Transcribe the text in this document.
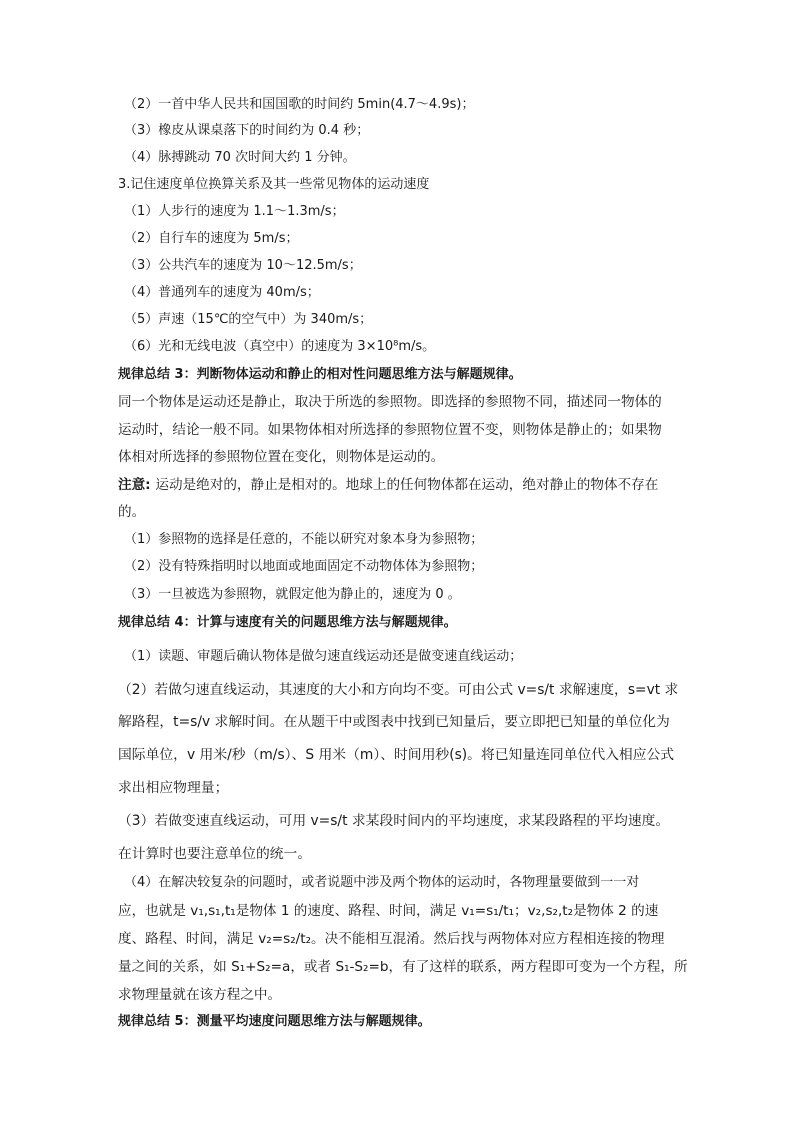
（2）一首中华人民共和国国歌的时间约 5min(4.7～4.9s)；
（3）橡皮从课桌落下的时间约为 0.4 秒；
（4）脉搏跳动 70 次时间大约 1 分钟。
3.记住速度单位换算关系及其一些常见物体的运动速度
（1）人步行的速度为 1.1～1.3m/s；
（2）自行车的速度为 5m/s；
（3）公共汽车的速度为 10～12.5m/s；
（4）普通列车的速度为 40m/s；
（5）声速（15℃的空气中）为 340m/s；
（6）光和无线电波（真空中）的速度为 3×10⁸m/s。
规律总结 3：判断物体运动和静止的相对性问题思维方法与解题规律。
同一个物体是运动还是静止，取决于所选的参照物。即选择的参照物不同，描述同一物体的
运动时，结论一般不同。如果物体相对所选择的参照物位置不变，则物体是静止的；如果物
体相对所选择的参照物位置在变化，则物体是运动的。
注意: 运动是绝对的，静止是相对的。地球上的任何物体都在运动，绝对静止的物体不存在
的。
（1）参照物的选择是任意的，不能以研究对象本身为参照物；
（2）没有特殊指明时以地面或地面固定不动物体体为参照物；
（3）一旦被选为参照物，就假定他为静止的，速度为 0 。
规律总结 4：计算与速度有关的问题思维方法与解题规律。
（1）读题、审题后确认物体是做匀速直线运动还是做变速直线运动；
（2）若做匀速直线运动，其速度的大小和方向均不变。可由公式 v=s/t 求解速度，s=vt 求
解路程，t=s/v 求解时间。在从题干中或图表中找到已知量后，要立即把已知量的单位化为
国际单位，v 用米/秒（m/s）、S 用米（m）、时间用秒(s)。将已知量连同单位代入相应公式
求出相应物理量；
（3）若做变速直线运动，可用 v=s/t 求某段时间内的平均速度，求某段路程的平均速度。
在计算时也要注意单位的统一。
（4）在解决较复杂的问题时，或者说题中涉及两个物体的运动时，各物理量要做到一一对
应，也就是 v₁,s₁,t₁是物体 1 的速度、路程、时间，满足 v₁=s₁/t₁；v₂,s₂,t₂是物体 2 的速
度、路程、时间，满足 v₂=s₂/t₂。决不能相互混淆。然后找与两物体对应方程相连接的物理
量之间的关系，如 S₁+S₂=a，或者 S₁-S₂=b，有了这样的联系，两方程即可变为一个方程，所
求物理量就在该方程之中。
规律总结 5：测量平均速度问题思维方法与解题规律。
